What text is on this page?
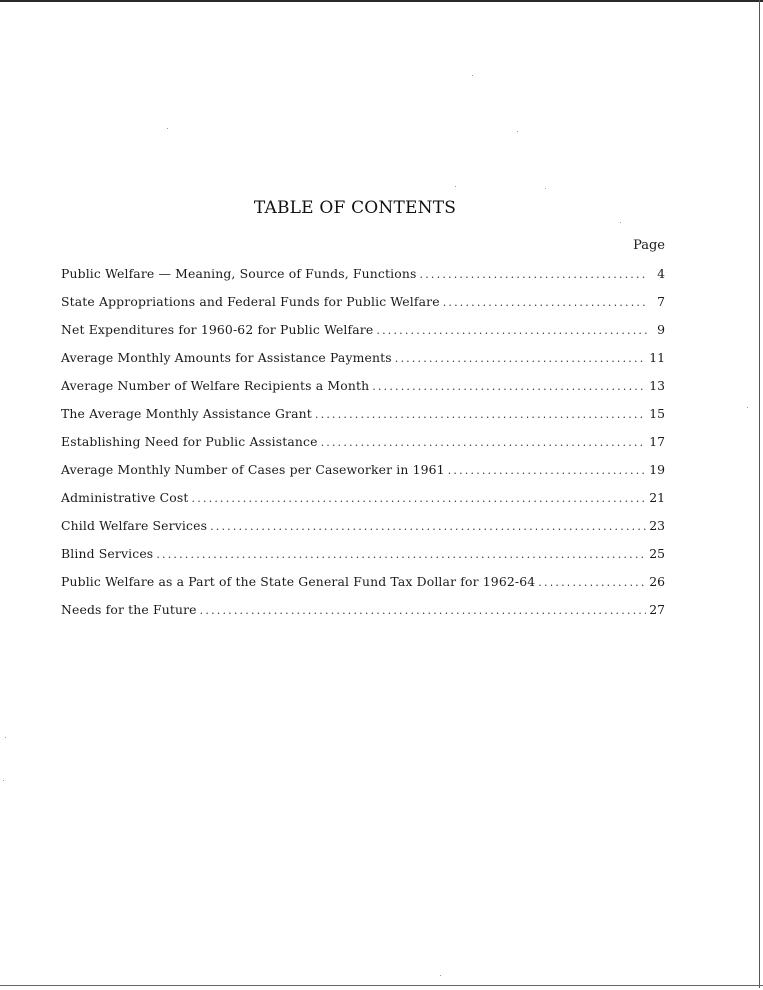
TABLE OF CONTENTS
Page
Public Welfare — Meaning, Source of Funds, Functions .....	4
State Appropriations and Federal Funds for Public Welfare .....	7
Net Expenditures for 1960-62 for Public Welfare .....	9
Average Monthly Amounts for Assistance Payments .....	11
Average Number of Welfare Recipients a Month .....	13
The Average Monthly Assistance Grant .....	15
Establishing Need for Public Assistance .....	17
Average Monthly Number of Cases per Caseworker in 1961 .....	19
Administrative Cost .....	21
Child Welfare Services .....	23
Blind Services .....	25
Public Welfare as a Part of the State General Fund Tax Dollar for 1962-64 .....	26
Needs for the Future .....	27
